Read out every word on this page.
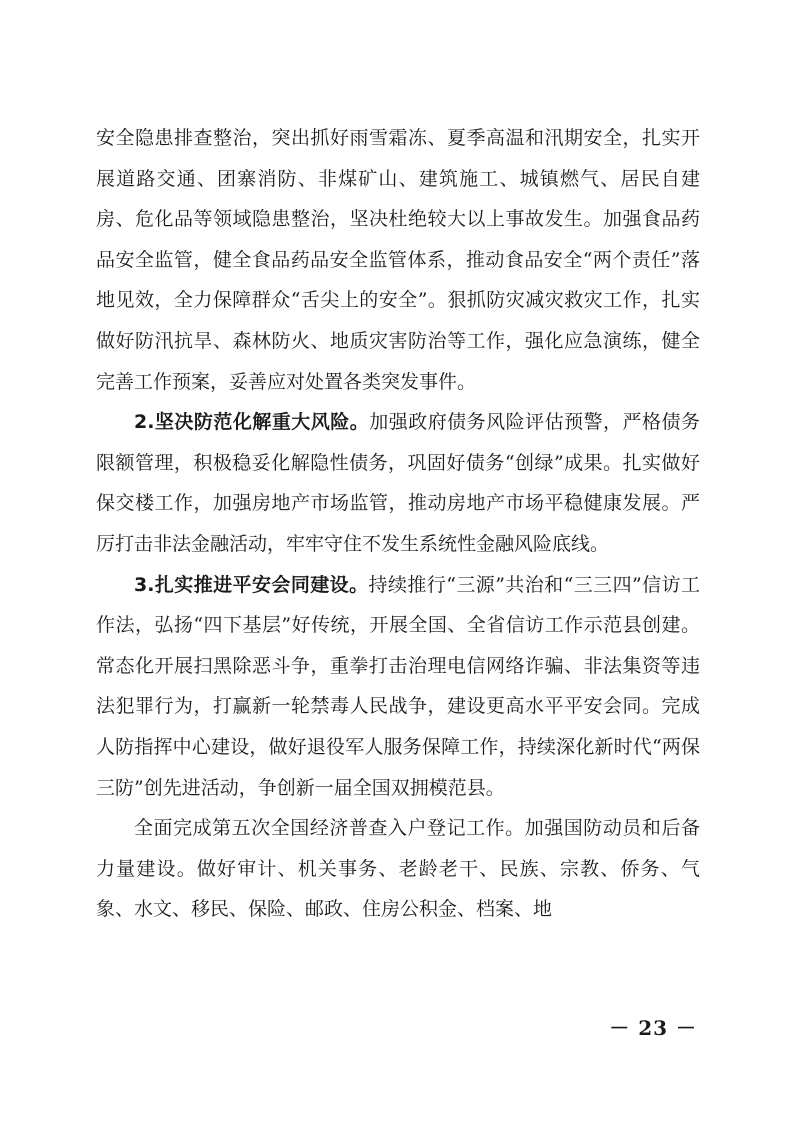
安全隐患排查整治，突出抓好雨雪霜冻、夏季高温和汛期安全，扎实开展道路交通、团寨消防、非煤矿山、建筑施工、城镇燃气、居民自建房、危化品等领域隐患整治，坚决杜绝较大以上事故发生。加强食品药品安全监管，健全食品药品安全监管体系，推动食品安全“两个责任”落地见效，全力保障群众“舌尖上的安全”。狠抓防灾减灾救灾工作，扎实做好防汛抗旱、森林防火、地质灾害防治等工作，强化应急演练，健全完善工作预案，妥善应对处置各类突发事件。

2.坚决防范化解重大风险。加强政府债务风险评估预警，严格债务限额管理，积极稳妥化解隐性债务，巩固好债务“创绿”成果。扎实做好保交楼工作，加强房地产市场监管，推动房地产市场平稳健康发展。严厉打击非法金融活动，牢牢守住不发生系统性金融风险底线。

3.扎实推进平安会同建设。持续推行“三源”共治和“三三四”信访工作法，弘扬“四下基层”好传统，开展全国、全省信访工作示范县创建。常态化开展扫黑除恶斗争，重拳打击治理电信网络诈骗、非法集资等违法犯罪行为，打赢新一轮禁毒人民战争，建设更高水平平安会同。完成人防指挥中心建设，做好退役军人服务保障工作，持续深化新时代“两保三防”创先进活动，争创新一届全国双拥模范县。

全面完成第五次全国经济普查入户登记工作。加强国防动员和后备力量建设。做好审计、机关事务、老龄老干、民族、宗教、侨务、气象、水文、移民、保险、邮政、住房公积金、档案、地

－ 23 －
